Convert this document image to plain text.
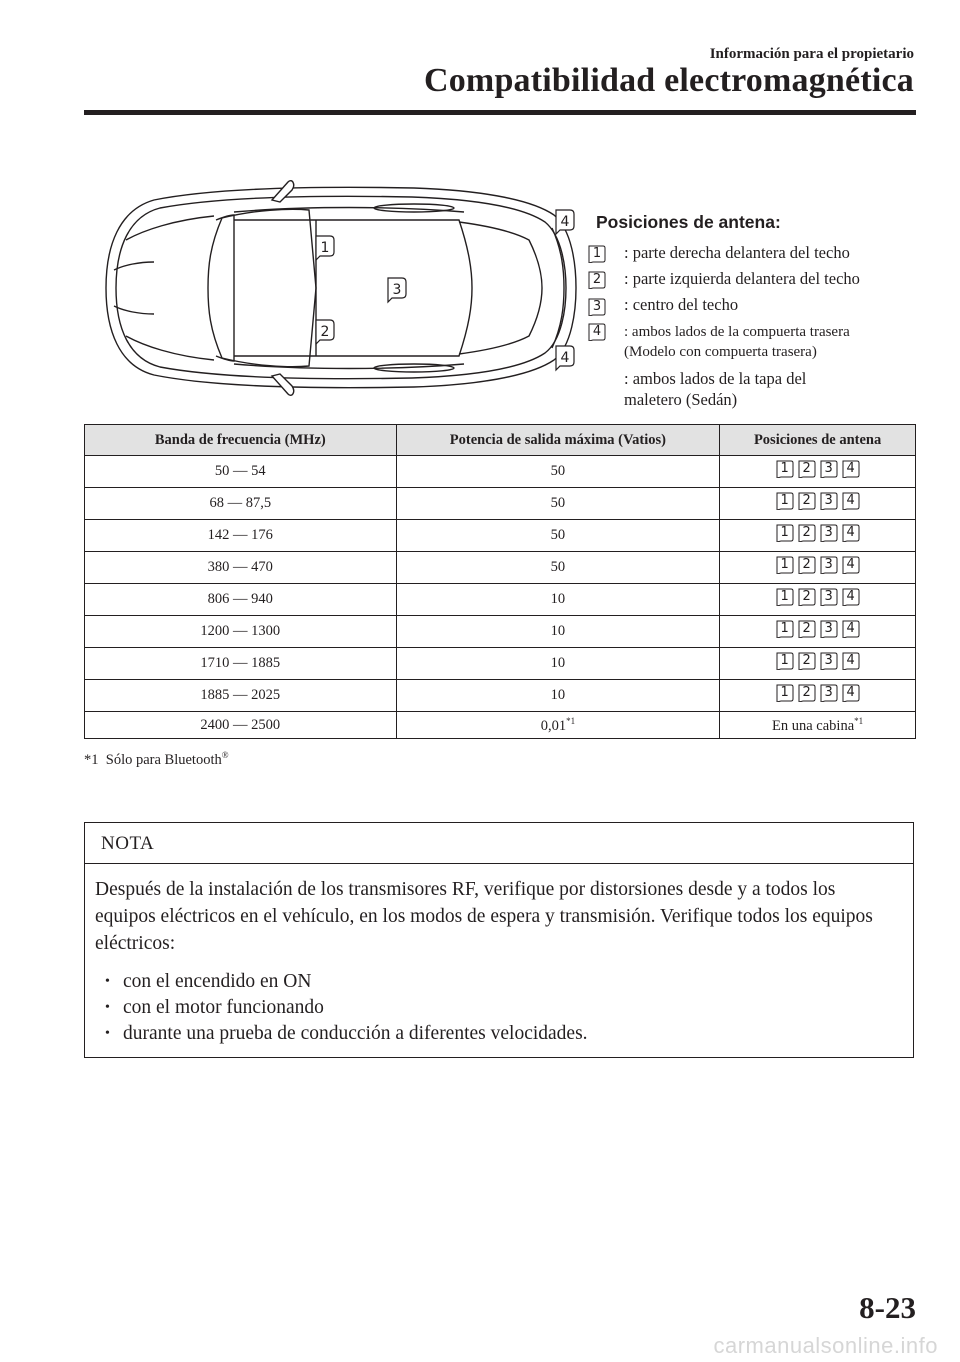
Información para el propietario
Compatibilidad electromagnética
1
2
3
4
4
Posiciones de antena:
1 : parte derecha delantera del techo
2 : parte izquierda delantera del techo
3 : centro del techo
4	: ambos lados de la compuerta trasera
(Modelo con compuerta trasera)
: ambos lados de la tapa del
maletero (Sedán)
Banda de frecuencia (MHz)	Potencia de salida máxima (Vatios)	Posiciones de antena
50 — 54	50	1 2 3 4

68 — 87,5	50	1 2 3 4

142 — 176	50	1 2 3 4

380 — 470	50	1 2 3 4

806 — 940	10	1 2 3 4

1200 — 1300	10	1 2 3 4

1710 — 1885	10	1 2 3 4

1885 — 2025	10	1 2 3 4

2400 — 2500	0,01$^{*1}$	En una cabina$^{*1}$
*1 Sólo para Bluetooth®
NOTA

Después de la instalación de los transmisores RF, verifique por distorsiones desde y a todos los equipos eléctricos en el vehículo, en los modos de espera y transmisión. Verifique todos los equipos eléctricos:

• con el encendido en ON
• con el motor funcionando
• durante una prueba de conducción a diferentes velocidades.
8-23
carmanualsonline.info
